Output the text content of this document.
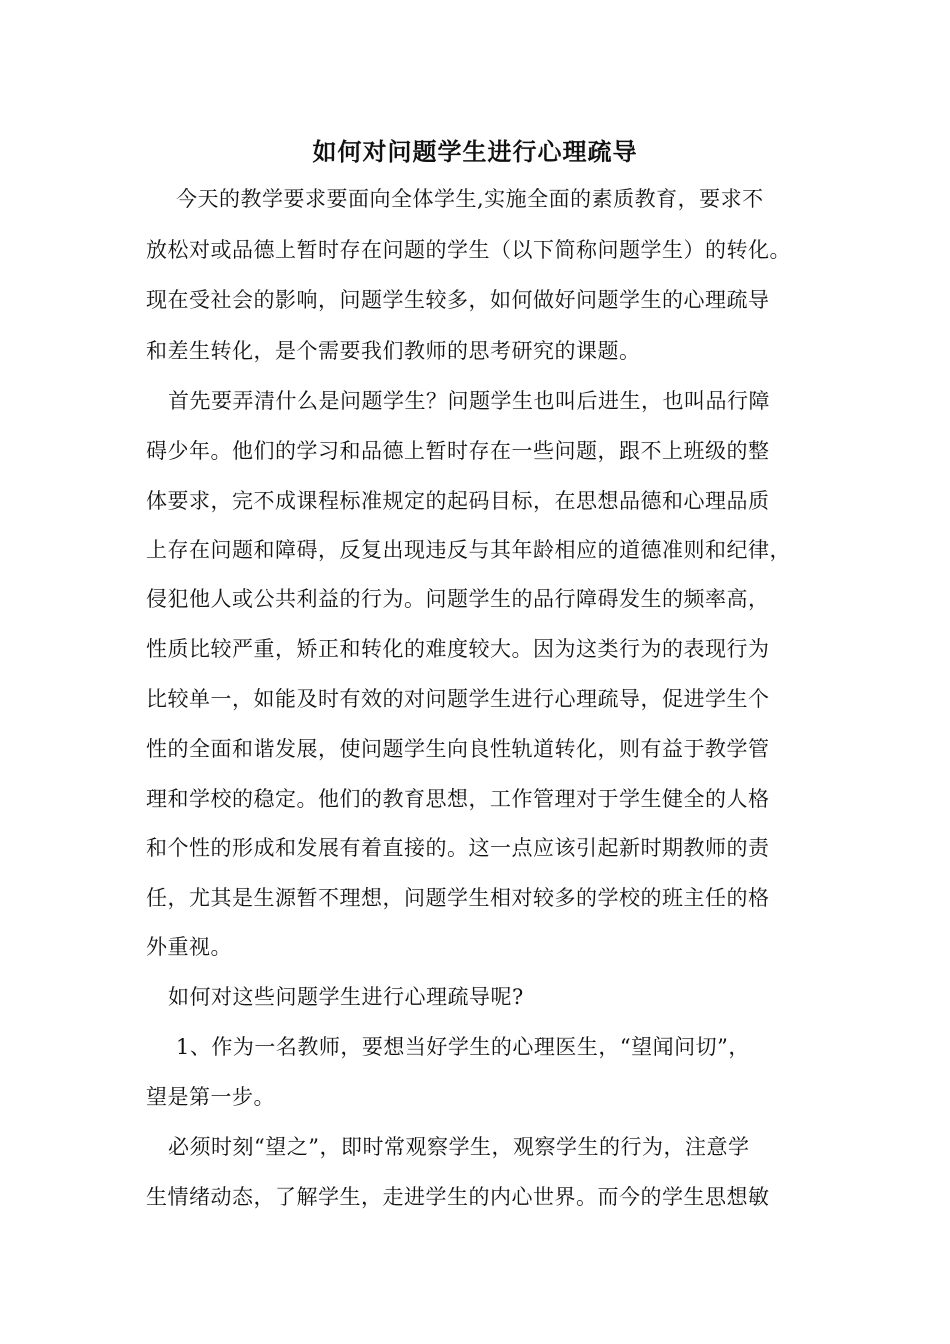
如何对问题学生进行心理疏导
今天的教学要求要面向全体学生,实施全面的素质教育，要求不
放松对或品德上暂时存在问题的学生（以下简称问题学生）的转化。
现在受社会的影响，问题学生较多，如何做好问题学生的心理疏导
和差生转化，是个需要我们教师的思考研究的课题。
首先要弄清什么是问题学生？问题学生也叫后进生，也叫品行障
碍少年。他们的学习和品德上暂时存在一些问题，跟不上班级的整
体要求，完不成课程标准规定的起码目标，在思想品德和心理品质
上存在问题和障碍，反复出现违反与其年龄相应的道德准则和纪律，
侵犯他人或公共利益的行为。问题学生的品行障碍发生的频率高，
性质比较严重，矫正和转化的难度较大。因为这类行为的表现行为
比较单一，如能及时有效的对问题学生进行心理疏导，促进学生个
性的全面和谐发展，使问题学生向良性轨道转化，则有益于教学管
理和学校的稳定。他们的教育思想，工作管理对于学生健全的人格
和个性的形成和发展有着直接的。这一点应该引起新时期教师的责
任，尤其是生源暂不理想，问题学生相对较多的学校的班主任的格
外重视。
如何对这些问题学生进行心理疏导呢?
1、作为一名教师，要想当好学生的心理医生，“望闻问切”，
望是第一步。
必须时刻“望之”，即时常观察学生，观察学生的行为，注意学
生情绪动态，了解学生，走进学生的内心世界。而今的学生思想敏
